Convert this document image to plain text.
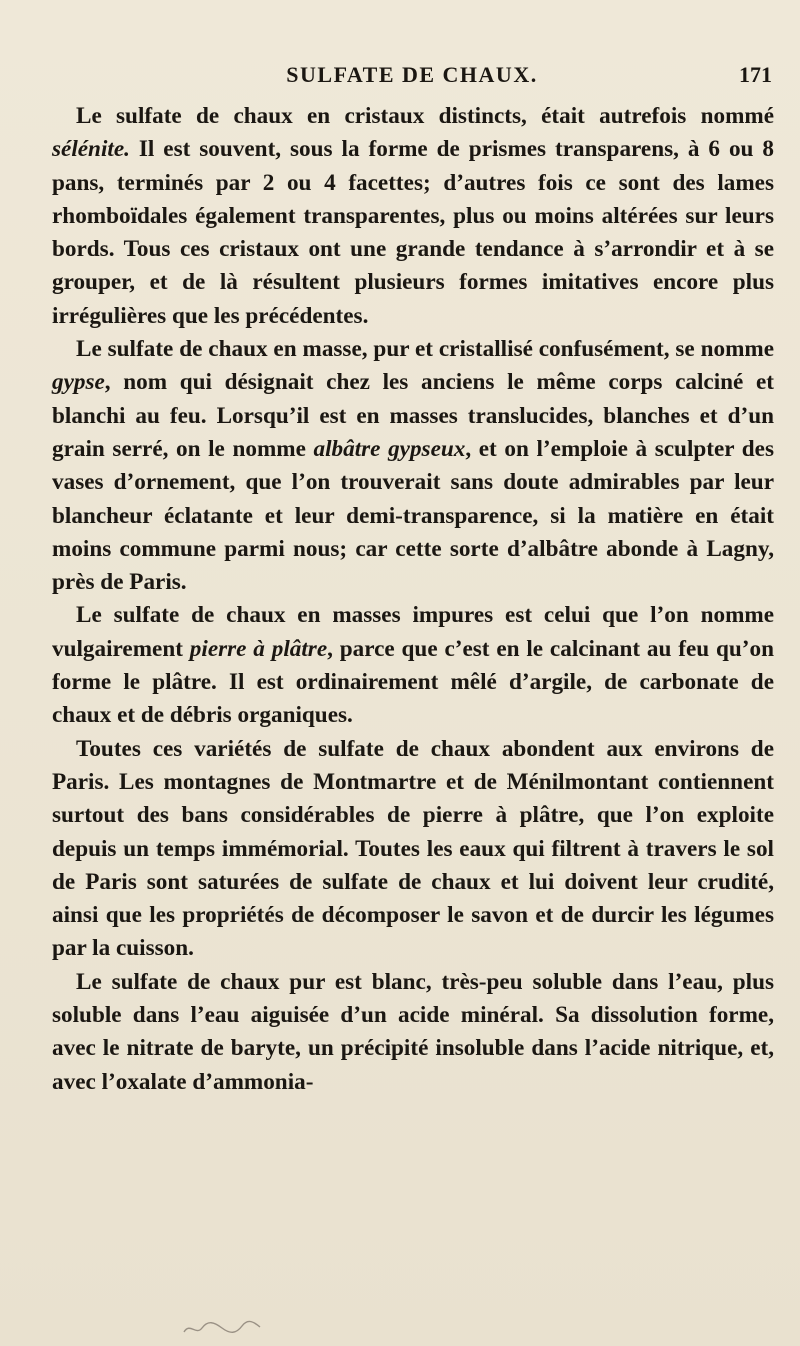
SULFATE DE CHAUX.	171

Le sulfate de chaux en cristaux distincts, était autrefois nommé sélénite. Il est souvent, sous la forme de prismes transparens, à 6 ou 8 pans, terminés par 2 ou 4 facettes; d’autres fois ce sont des lames rhomboïdales également transparentes, plus ou moins altérées sur leurs bords. Tous ces cristaux ont une grande tendance à s’arrondir et à se grouper, et de là résultent plusieurs formes imitatives encore plus irrégulières que les précédentes.

Le sulfate de chaux en masse, pur et cristallisé confusément, se nomme gypse, nom qui désignait chez les anciens le même corps calciné et blanchi au feu. Lorsqu’il est en masses translucides, blanches et d’un grain serré, on le nomme albâtre gypseux, et on l’emploie à sculpter des vases d’ornement, que l’on trouverait sans doute admirables par leur blancheur éclatante et leur demi-transparence, si la matière en était moins commune parmi nous; car cette sorte d’albâtre abonde à Lagny, près de Paris.

Le sulfate de chaux en masses impures est celui que l’on nomme vulgairement pierre à plâtre, parce que c’est en le calcinant au feu qu’on forme le plâtre. Il est ordinairement mêlé d’argile, de carbonate de chaux et de débris organiques.

Toutes ces variétés de sulfate de chaux abondent aux environs de Paris. Les montagnes de Montmartre et de Ménilmontant contiennent surtout des bans considérables de pierre à plâtre, que l’on exploite depuis un temps immémorial. Toutes les eaux qui filtrent à travers le sol de Paris sont saturées de sulfate de chaux et lui doivent leur crudité, ainsi que les propriétés de décomposer le savon et de durcir les légumes par la cuisson.

Le sulfate de chaux pur est blanc, très-peu soluble dans l’eau, plus soluble dans l’eau aiguisée d’un acide minéral. Sa dissolution forme, avec le nitrate de baryte, un précipité insoluble dans l’acide nitrique, et, avec l’oxalate d’ammonia-
